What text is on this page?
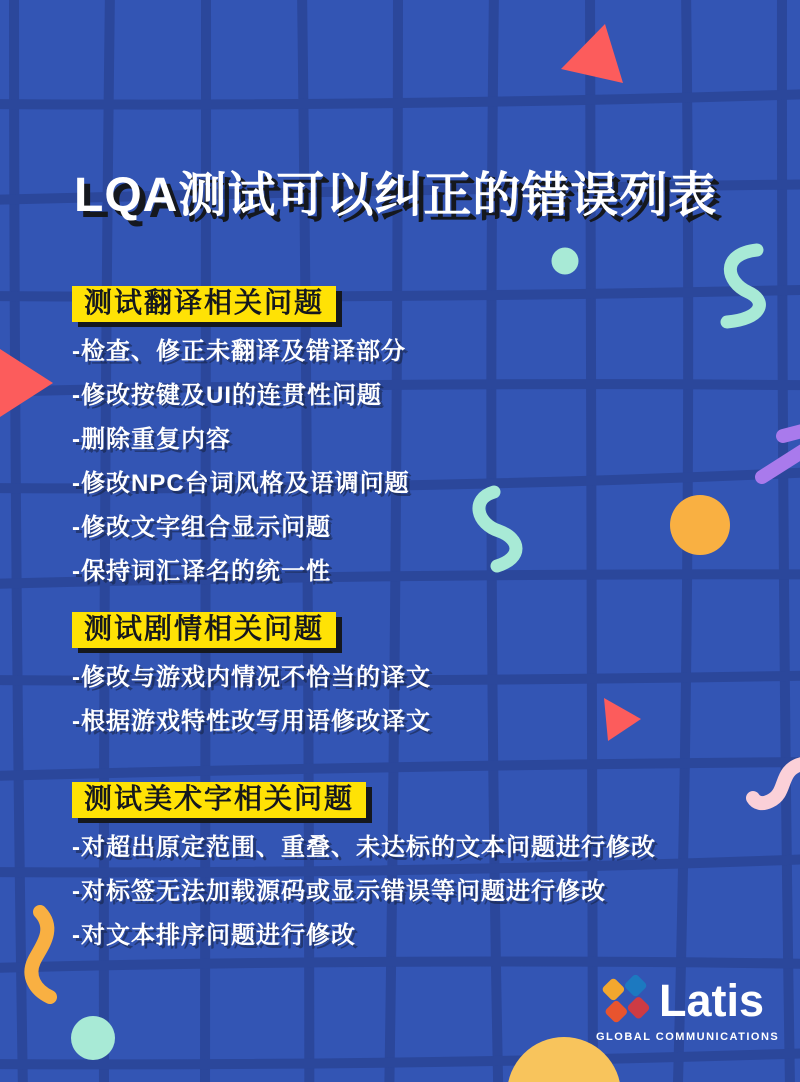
LQA测试可以纠正的错误列表
测试翻译相关问题
-检查、修正未翻译及错译部分
-修改按键及UI的连贯性问题
-删除重复内容
-修改NPC台词风格及语调问题
-修改文字组合显示问题
-保持词汇译名的统一性
测试剧情相关问题
-修改与游戏内情况不恰当的译文
-根据游戏特性改写用语修改译文
测试美术字相关问题
-对超出原定范围、重叠、未达标的文本问题进行修改
-对标签无法加载源码或显示错误等问题进行修改
-对文本排序问题进行修改
Latis
GLOBAL COMMUNICATIONS
